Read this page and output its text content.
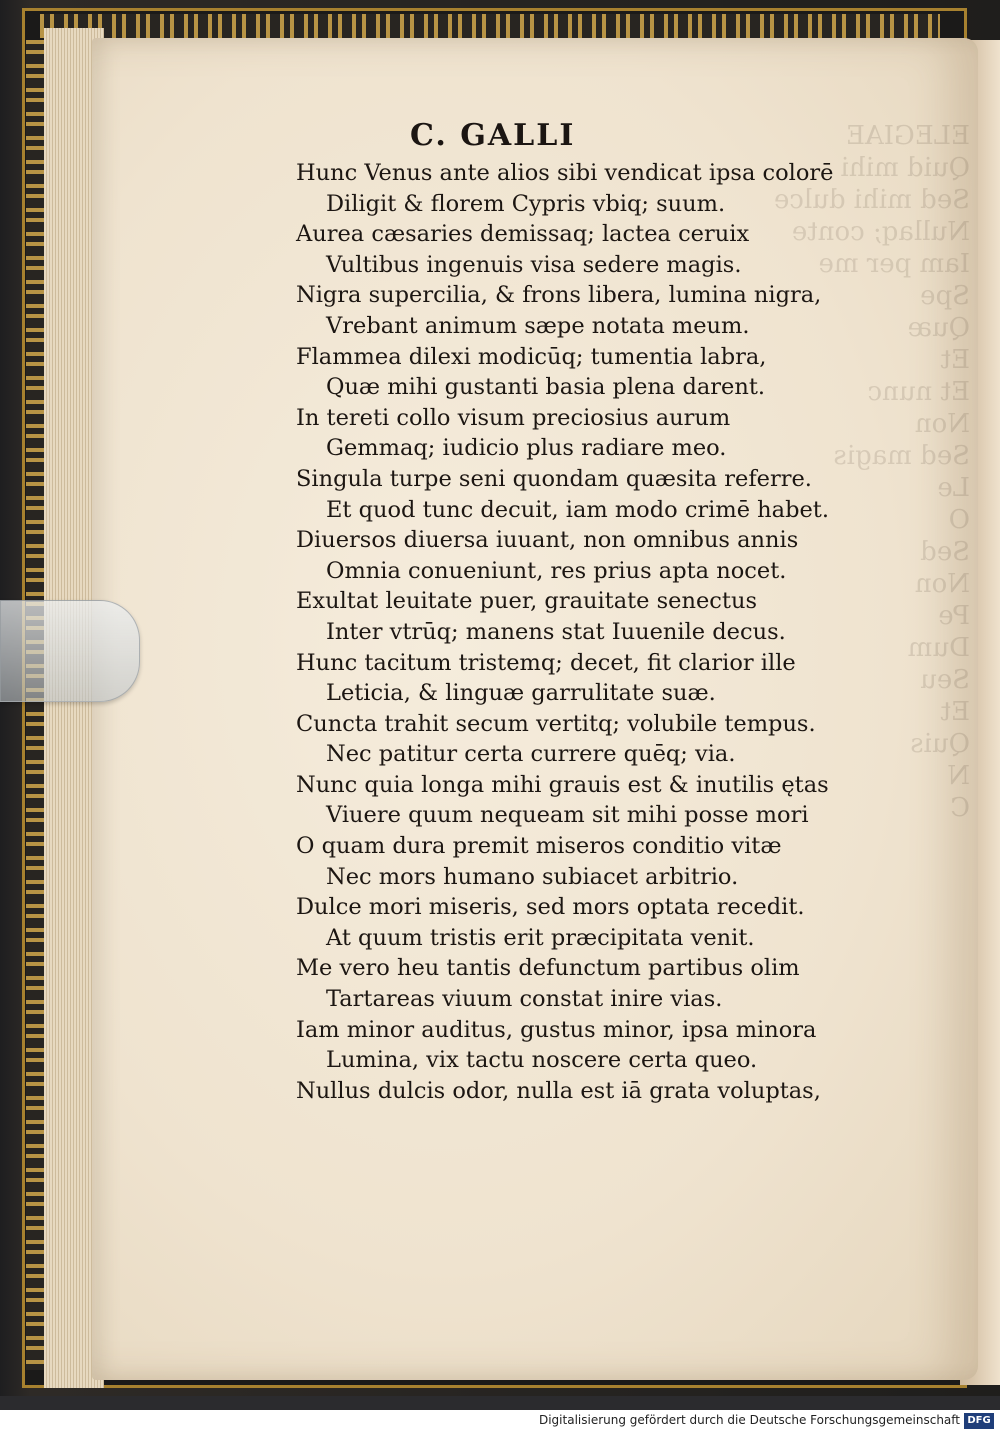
ELEGIAE
Quid mihi
Sed mihi dulce
Nullaq; conte
Iam per me
Spe
Quæ
Et
Et nunc
Non
Sed magis
Le
O
Sed
Non
Pe
Dum
Seu
Et
Quis
N
C
C. GALLI
Hunc Venus ante alios sibi vendicat ipsa colorē
Diligit & florem Cypris vbiq; suum.
Aurea cæsaries demissaq; lactea ceruix
Vultibus ingenuis visa sedere magis.
Nigra supercilia, & frons libera, lumina nigra,
Vrebant animum sæpe notata meum.
Flammea dilexi modicūq; tumentia labra,
Quæ mihi gustanti basia plena darent.
In tereti collo visum preciosius aurum
Gemmaq; iudicio plus radiare meo.
Singula turpe seni quondam quæsita referre.
Et quod tunc decuit, iam modo crimē habet.
Diuersos diuersa iuuant, non omnibus annis
Omnia conueniunt, res prius apta nocet.
Exultat leuitate puer, grauitate senectus
Inter vtrūq; manens stat Iuuenile decus.
Hunc tacitum tristemq; decet, fit clarior ille
Leticia, & linguæ garrulitate suæ.
Cuncta trahit secum vertitq; volubile tempus.
Nec patitur certa currere quēq; via.
Nunc quia longa mihi grauis est & inutilis ętas
Viuere quum nequeam sit mihi posse mori
O quam dura premit miseros conditio vitæ
Nec mors humano subiacet arbitrio.
Dulce mori miseris, sed mors optata recedit.
At quum tristis erit præcipitata venit.
Me vero heu tantis defunctum partibus olim
Tartareas viuum constat inire vias.
Iam minor auditus, gustus minor, ipsa minora
Lumina, vix tactu noscere certa queo.
Nullus dulcis odor, nulla est iā grata voluptas,
Digitalisierung gefördert durch die Deutsche Forschungsgemeinschaft DFG
